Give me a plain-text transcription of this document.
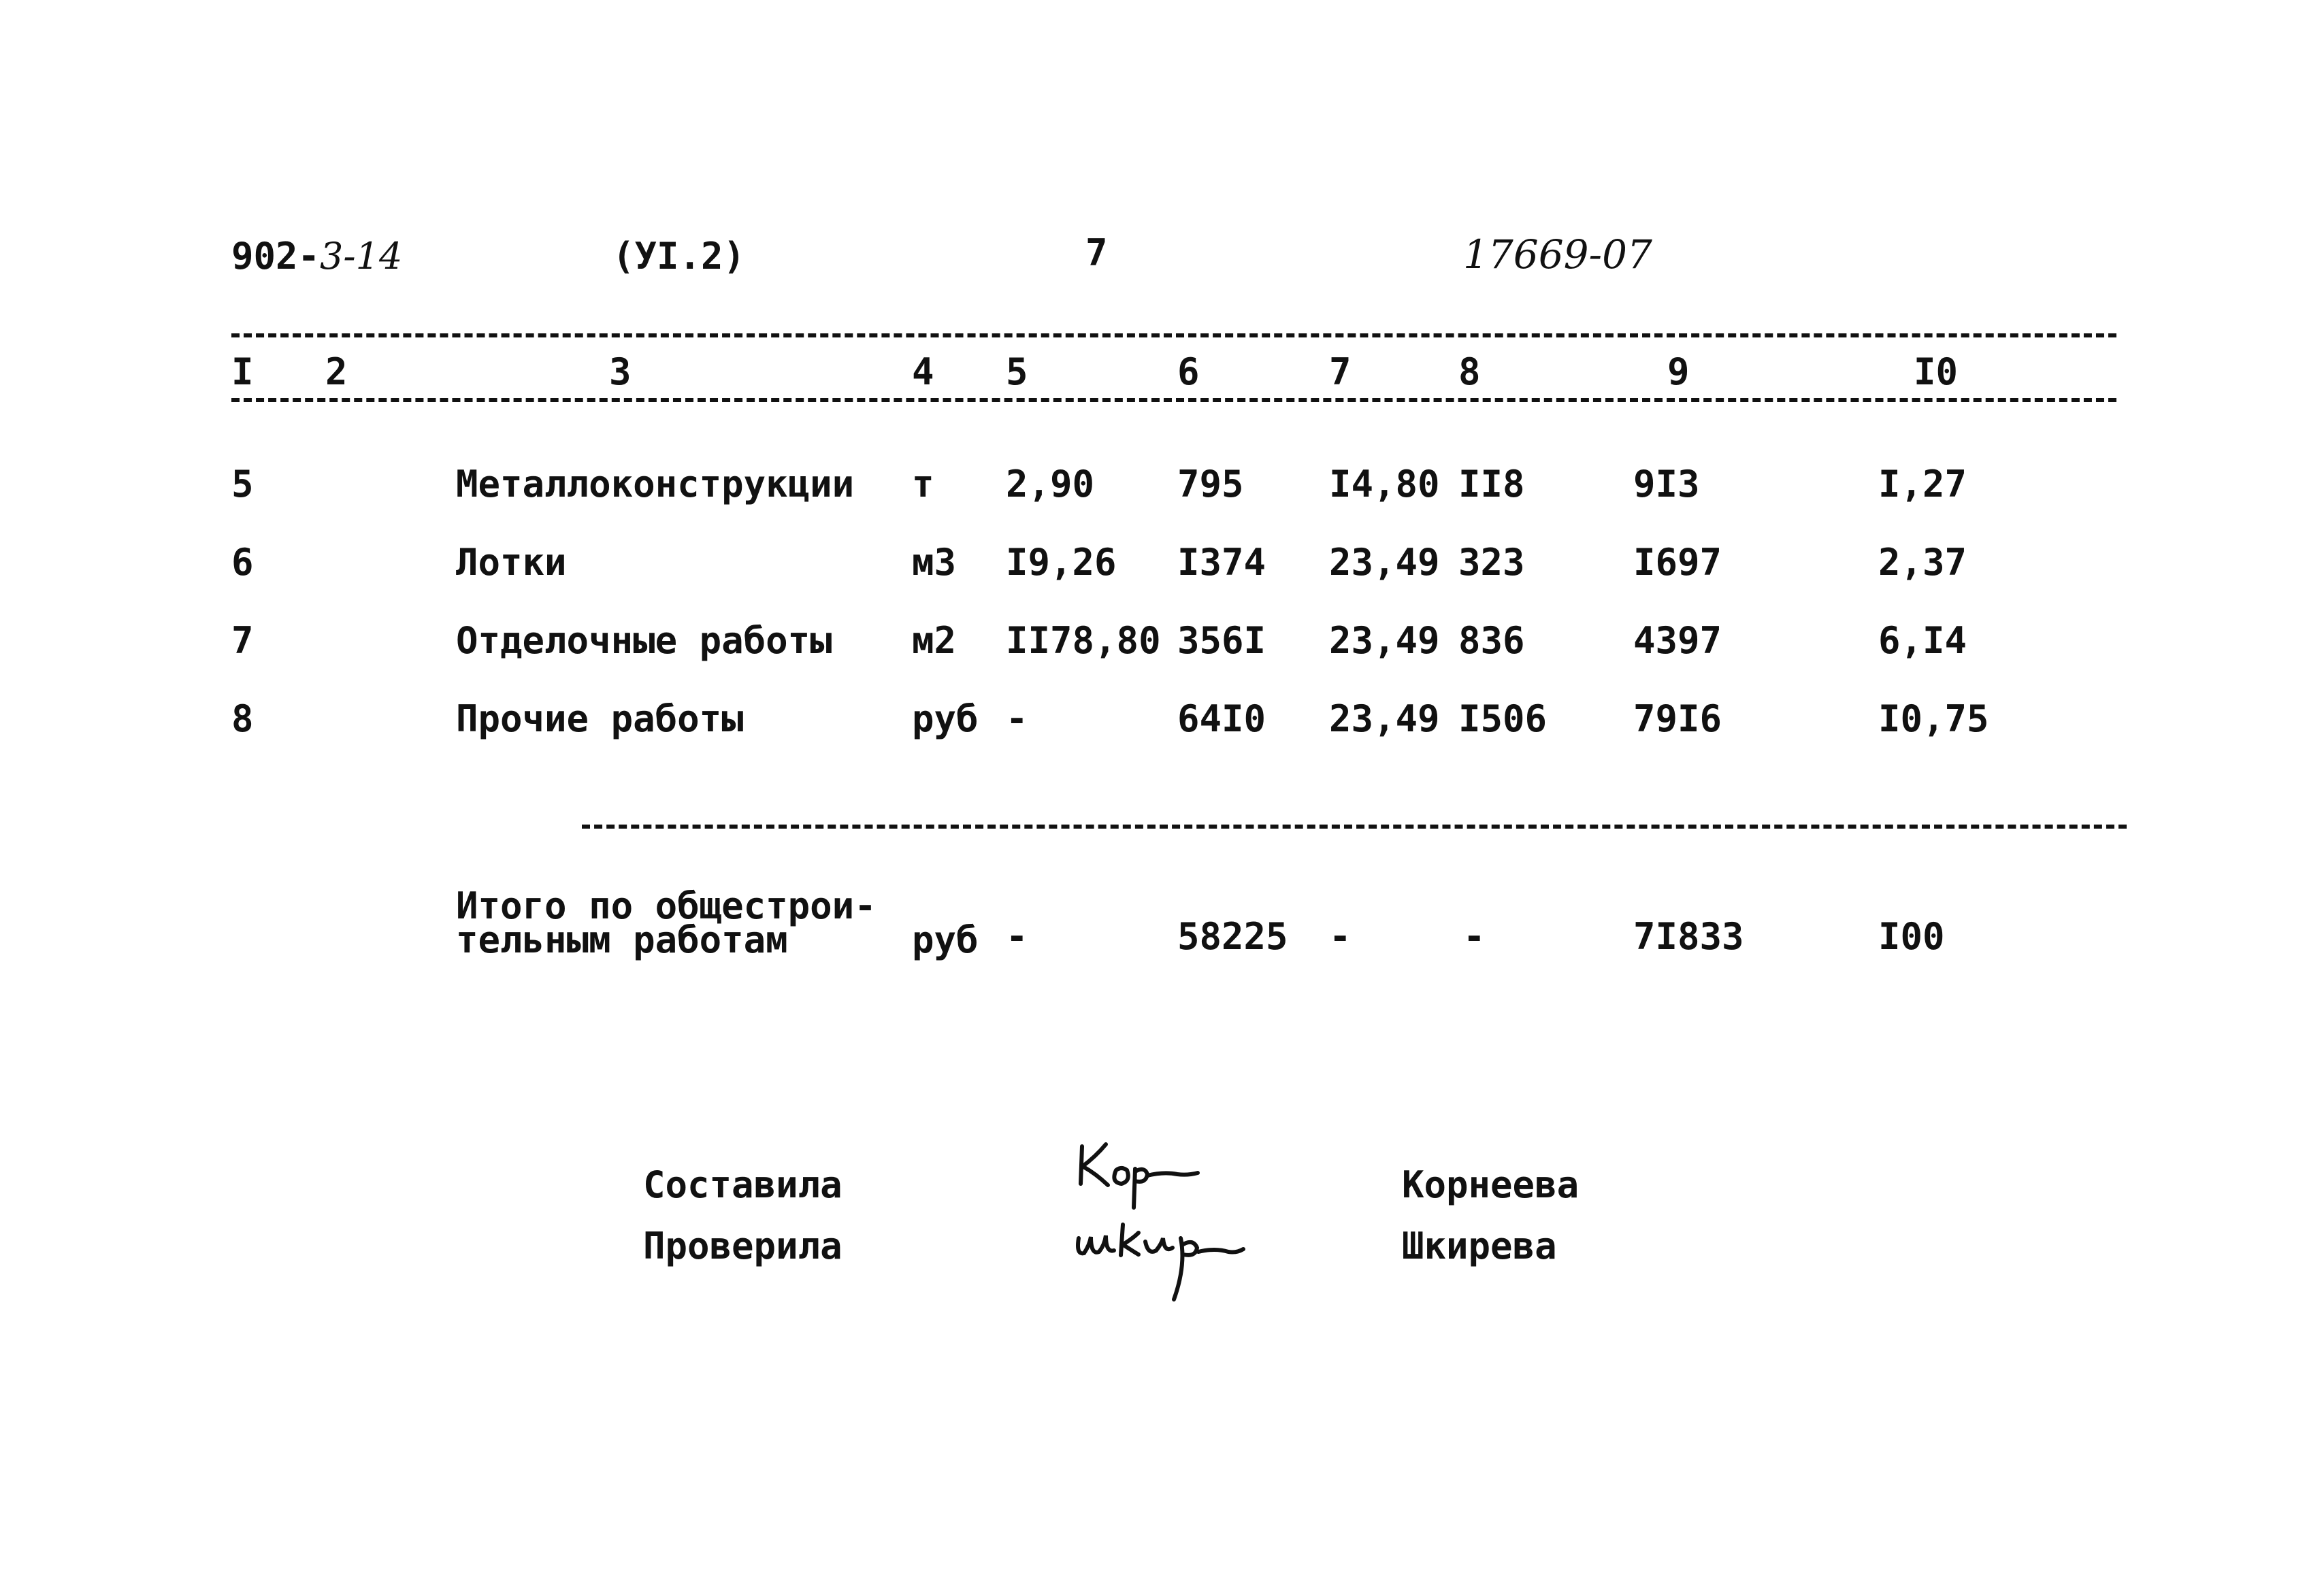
902-3-14	(УI.2)	7	17669-07
I 2	3	4 5	6	7	8	9	I0
5	Металлоконструкции т 2,90 795 I4,80 II8	9I3	I,27
6	Лотки	м3 I9,26 I374 23,49 323	I697	2,37
7	Отделочные работы м2 II78,80 356I 23,49 836	4397	6,I4
8	Прочие работы	руб -	64I0 23,49 I506 79I6	I0,75
Итого по общестрои-
тельным работам	руб -	58225 -	-	7I833	I00
Составила	Корнеева
Проверила	Шкирева
